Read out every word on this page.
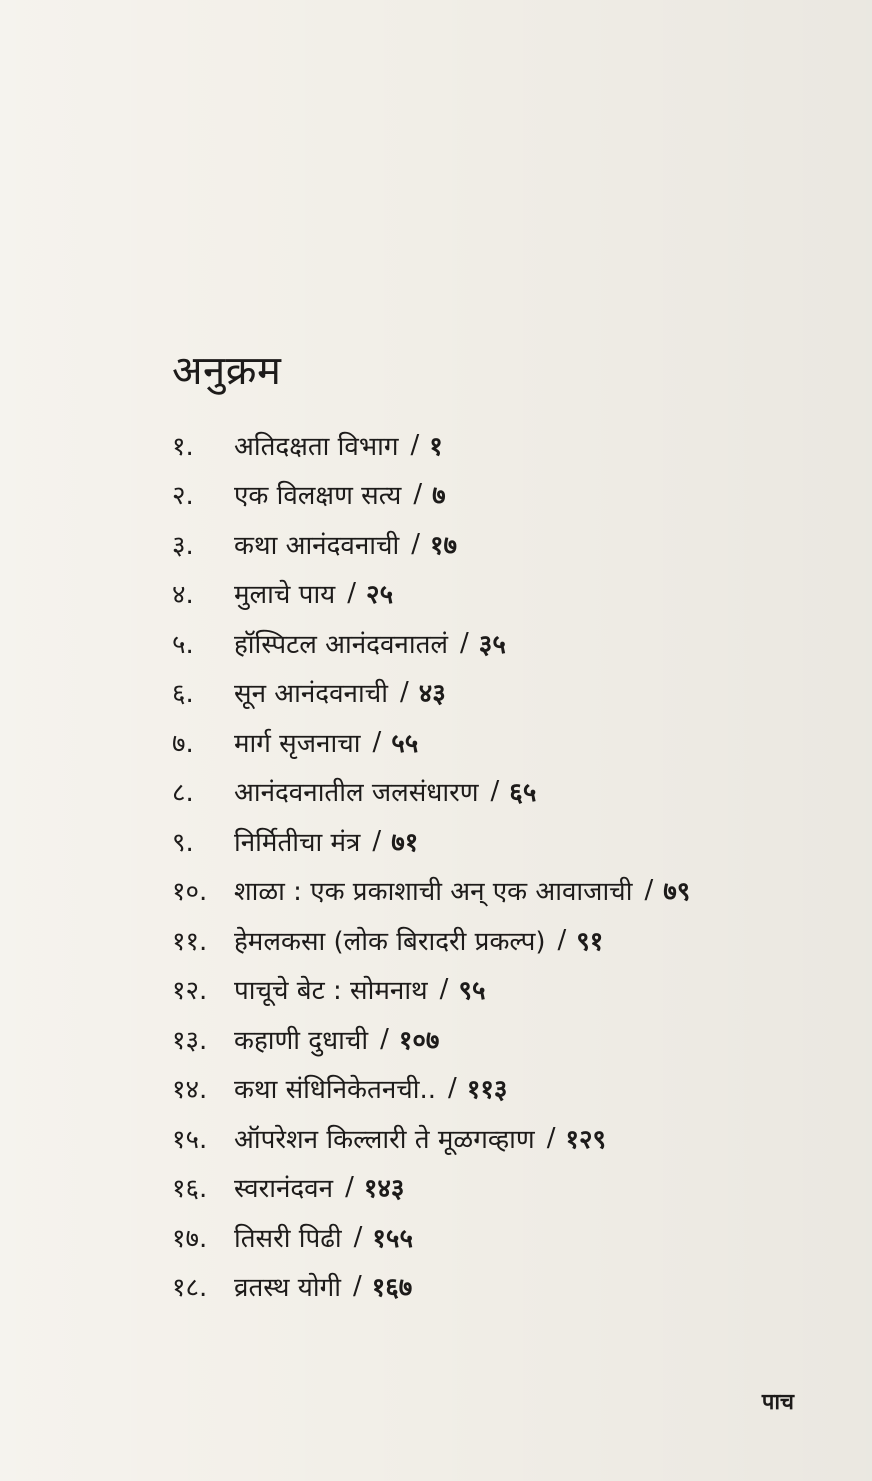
अनुक्रम
१.	अतिदक्षता विभाग / १
२.	एक विलक्षण सत्य / ७
३.	कथा आनंदवनाची / १७
४.	मुलाचे पाय / २५
५.	हॉस्पिटल आनंदवनातलं / ३५
६.	सून आनंदवनाची / ४३
७.	मार्ग सृजनाचा / ५५
८.	आनंदवनातील जलसंधारण / ६५
९.	निर्मितीचा मंत्र / ७१
१०.	शाळा : एक प्रकाशाची अन् एक आवाजाची / ७९
११.	हेमलकसा (लोक बिरादरी प्रकल्प) / ९१
१२.	पाचूचे बेट : सोमनाथ / ९५
१३.	कहाणी दुधाची / १०७
१४.	कथा संधिनिकेतनची.. / ११३
१५.	ऑपरेशन किल्लारी ते मूळगव्हाण / १२९
१६.	स्वरानंदवन / १४३
१७.	तिसरी पिढी / १५५
१८.	व्रतस्थ योगी / १६७
पाच
